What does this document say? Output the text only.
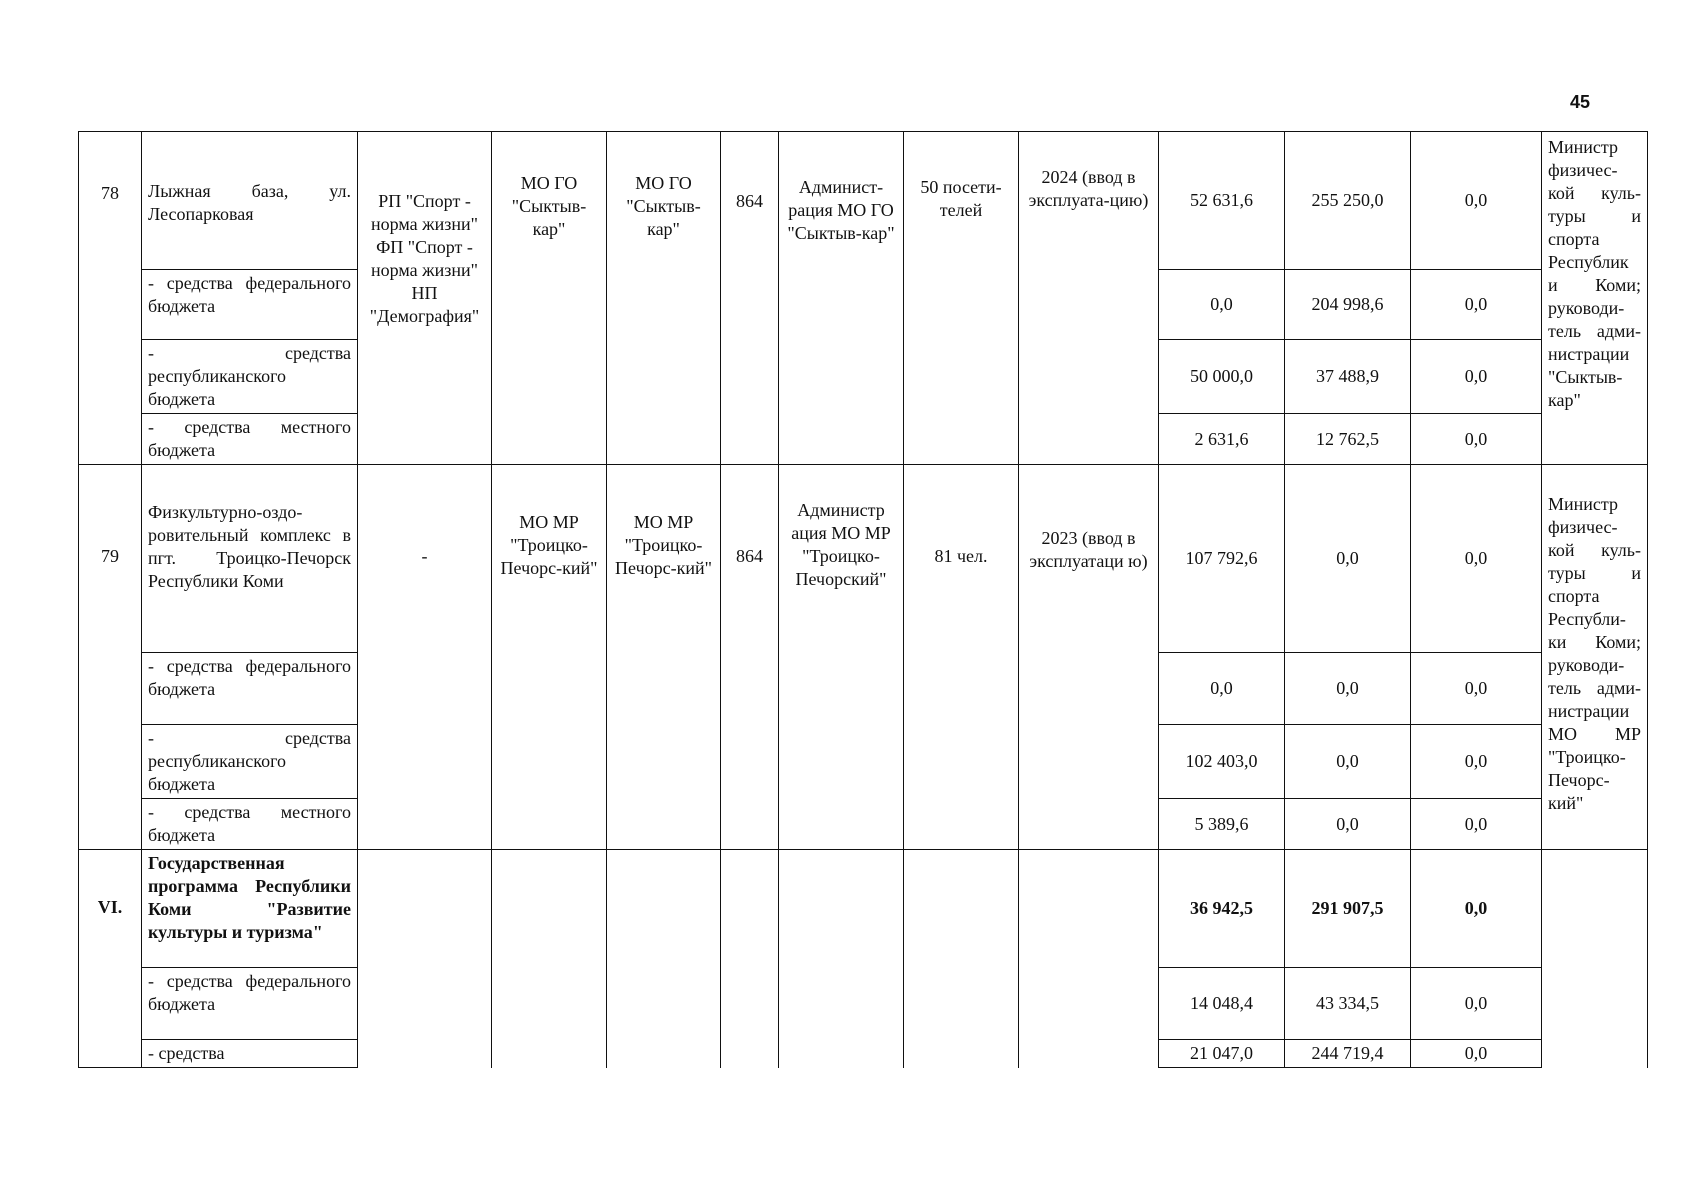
45
78	Лыжная база, ул. Лесопарковая	РП "Спорт - норма жизни" ФП "Спорт - норма жизни" НП "Демография"	МО ГО "Сыктыв-кар"	МО ГО "Сыктыв-кар"	864	Админист-рация МО ГО "Сыктыв-кар"	50 посети-телей	2024 (ввод в эксплуата-цию)	52 631,6	255 250,0	0,0	Министр физичес-кой куль-туры и спорта Республик и Коми; руководи-тель адми-нистрации "Сыктыв-кар"
	- средства федерального бюджета								0,0	204 998,6	0,0	
	- средства республиканского бюджета								50 000,0	37 488,9	0,0	
	- средства местного бюджета								2 631,6	12 762,5	0,0	
79	Физкультурно-оздо-ровительный комплекс в пгт. Троицко-Печорск Республики Коми	-	МО МР "Троицко-Печорс-кий"	МО МР "Троицко-Печорс-кий"	864	Администр ация МО МР "Троицко-Печорский"	81 чел.	2023 (ввод в эксплуатаци ю)	107 792,6	0,0	0,0	Министр физичес-кой куль-туры и спорта Республи-ки Коми; руководи-тель адми-нистрации МО МР "Троицко-Печорс-кий"
	- средства федерального бюджета								0,0	0,0	0,0	
	- средства республиканского бюджета								102 403,0	0,0	0,0	
	- средства местного бюджета								5 389,6	0,0	0,0	
VI.	Государственная программа Республики Коми "Развитие культуры и туризма"								36 942,5	291 907,5	0,0	
	- средства федерального бюджета								14 048,4	43 334,5	0,0	
	- средства								21 047,0	244 719,4	0,0	
